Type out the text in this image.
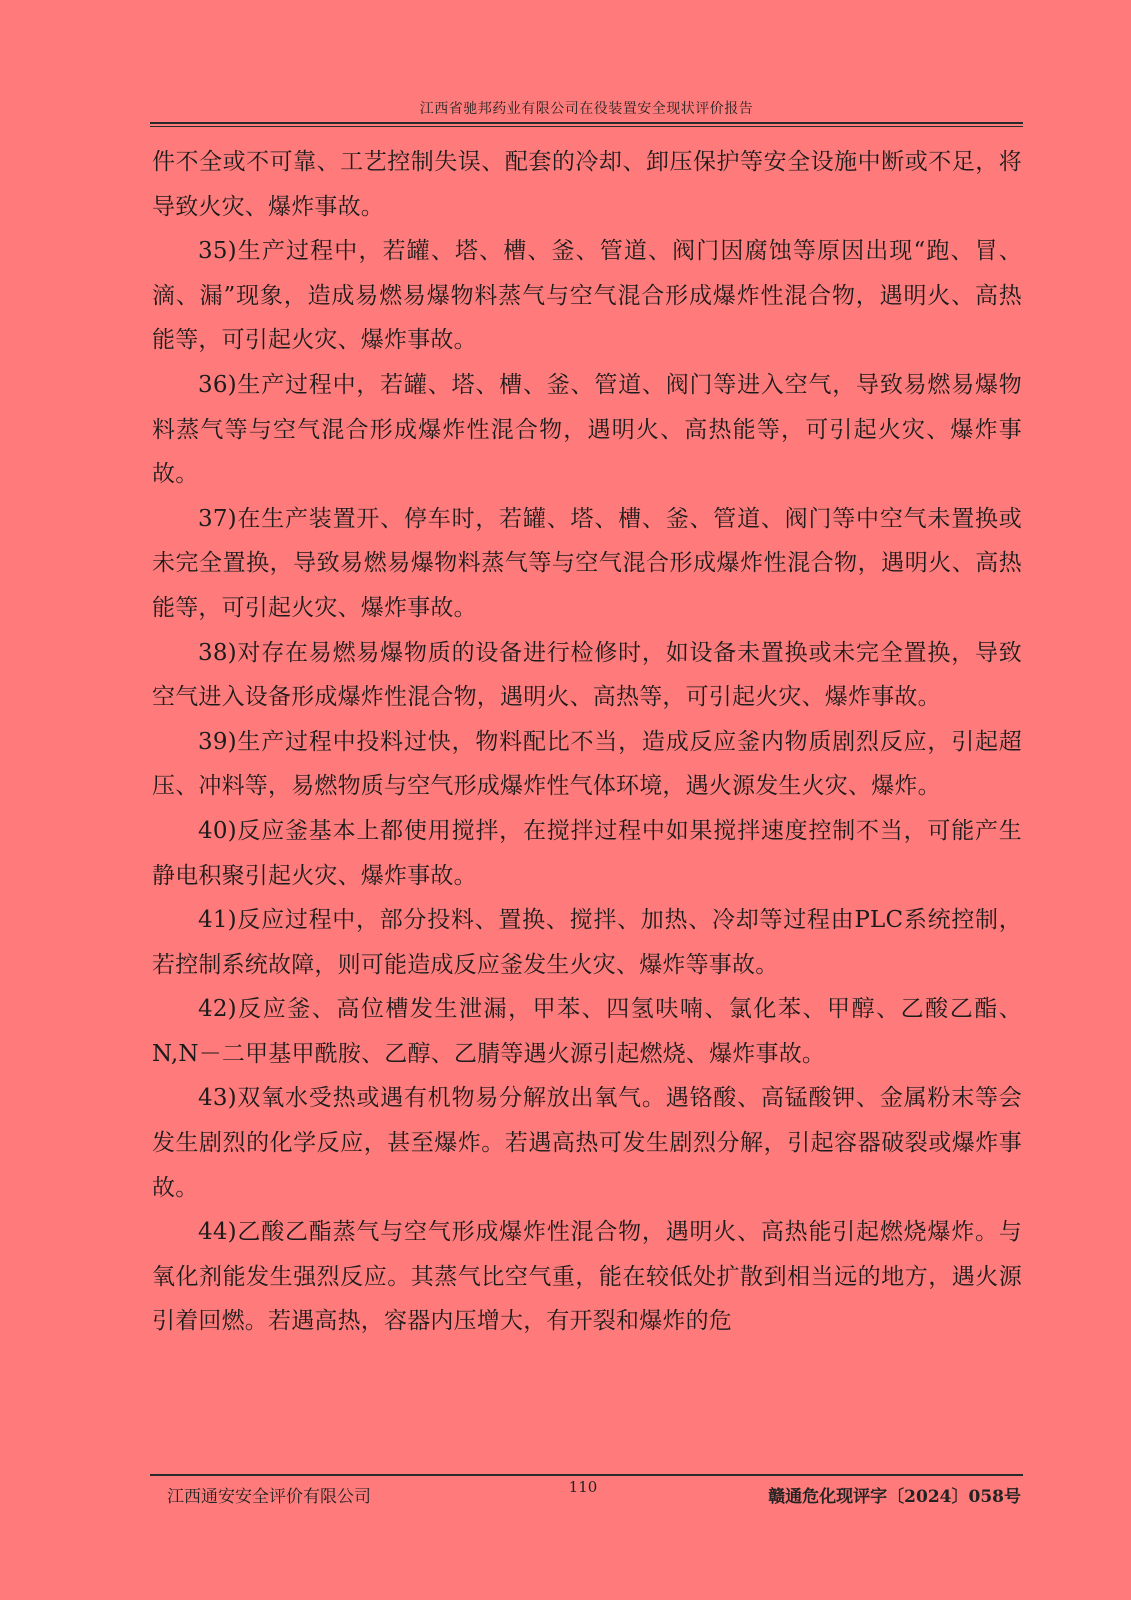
江西省驰邦药业有限公司在役装置安全现状评价报告

件不全或不可靠、工艺控制失误、配套的冷却、卸压保护等安全设施中断或不足，将导致火灾、爆炸事故。

35)生产过程中，若罐、塔、槽、釜、管道、阀门因腐蚀等原因出现“跑、冒、滴、漏”现象，造成易燃易爆物料蒸气与空气混合形成爆炸性混合物，遇明火、高热能等，可引起火灾、爆炸事故。

36)生产过程中，若罐、塔、槽、釜、管道、阀门等进入空气，导致易燃易爆物料蒸气等与空气混合形成爆炸性混合物，遇明火、高热能等，可引起火灾、爆炸事故。

37)在生产装置开、停车时，若罐、塔、槽、釜、管道、阀门等中空气未置换或未完全置换，导致易燃易爆物料蒸气等与空气混合形成爆炸性混合物，遇明火、高热能等，可引起火灾、爆炸事故。

38)对存在易燃易爆物质的设备进行检修时，如设备未置换或未完全置换，导致空气进入设备形成爆炸性混合物，遇明火、高热等，可引起火灾、爆炸事故。

39)生产过程中投料过快，物料配比不当，造成反应釜内物质剧烈反应，引起超压、冲料等，易燃物质与空气形成爆炸性气体环境，遇火源发生火灾、爆炸。

40)反应釜基本上都使用搅拌，在搅拌过程中如果搅拌速度控制不当，可能产生静电积聚引起火灾、爆炸事故。

41)反应过程中，部分投料、置换、搅拌、加热、冷却等过程由PLC系统控制，若控制系统故障，则可能造成反应釜发生火灾、爆炸等事故。

42)反应釜、高位槽发生泄漏，甲苯、四氢呋喃、氯化苯、甲醇、乙酸乙酯、N,N－二甲基甲酰胺、乙醇、乙腈等遇火源引起燃烧、爆炸事故。

43)双氧水受热或遇有机物易分解放出氧气。遇铬酸、高锰酸钾、金属粉末等会发生剧烈的化学反应，甚至爆炸。若遇高热可发生剧烈分解，引起容器破裂或爆炸事故。

44)乙酸乙酯蒸气与空气形成爆炸性混合物，遇明火、高热能引起燃烧爆炸。与氧化剂能发生强烈反应。其蒸气比空气重，能在较低处扩散到相当远的地方，遇火源引着回燃。若遇高热，容器内压增大，有开裂和爆炸的危

江西通安安全评价有限公司	110	赣通危化现评字〔2024〕058号
